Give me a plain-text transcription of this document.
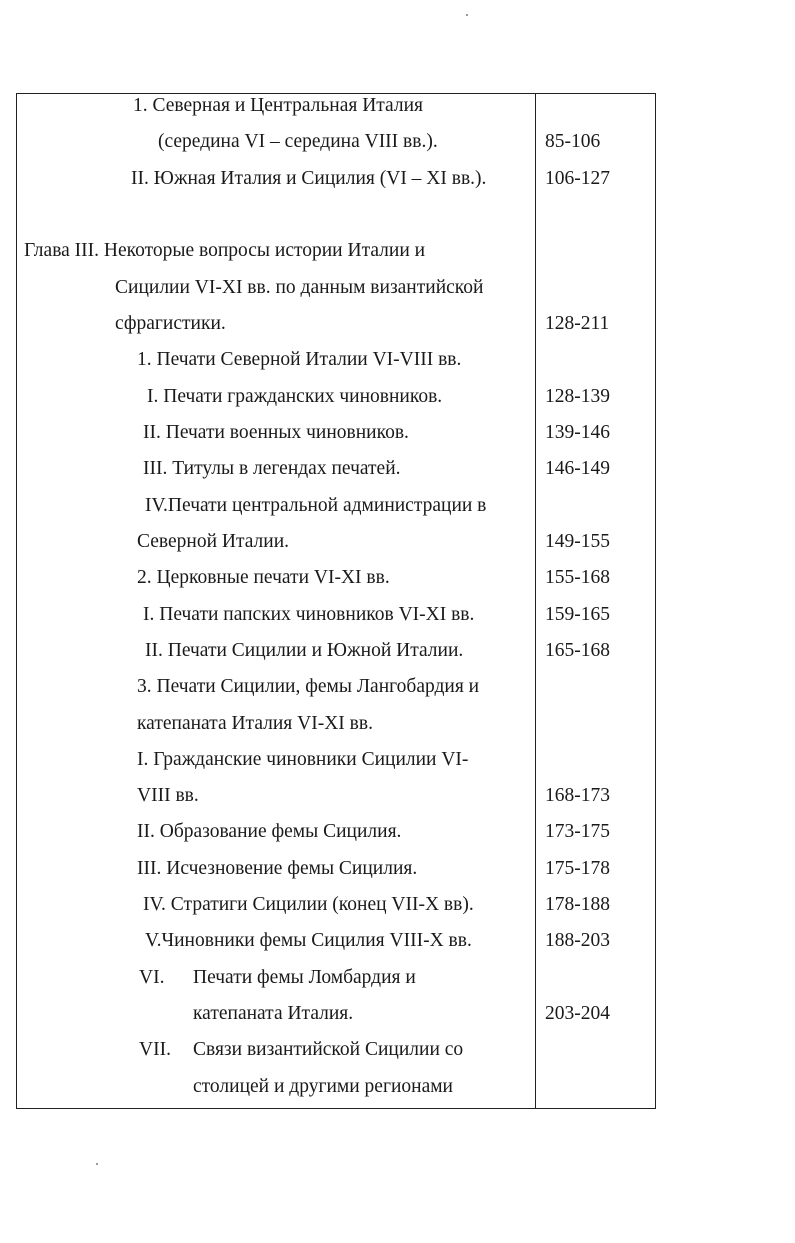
1. Северная и Центральная Италия
(середина VI – середина VIII вв.).
II. Южная Италия и Сицилия (VI – XI вв.).
Глава III. Некоторые вопросы истории Италии и
Сицилии VI-XI вв. по данным византийской
сфрагистики.
1. Печати Северной Италии VI-VIII вв.
I. Печати гражданских чиновников.
II. Печати военных чиновников.
III. Титулы в легендах печатей.
IV.Печати центральной администрации в
Северной Италии.
2. Церковные печати VI-XI вв.
I. Печати папских чиновников VI-XI вв.
II. Печати Сицилии и Южной Италии.
3. Печати Сицилии, фемы Лангобардия и
катепаната Италия VI-XI вв.
I. Гражданские чиновники Сицилии VI-
VIII вв.
II. Образование фемы Сицилия.
III. Исчезновение фемы Сицилия.
IV. Стратиги Сицилии (конец VII-X вв).
V.Чиновники фемы Сицилия VIII-X вв.
VI. Печати фемы Ломбардия и
катепаната Италия.
VII. Связи византийской Сицилии со
столицей и другими регионами
85-106
106-127
128-211
128-139
139-146
146-149
149-155
155-168
159-165
165-168
168-173
173-175
175-178
178-188
188-203
203-204
